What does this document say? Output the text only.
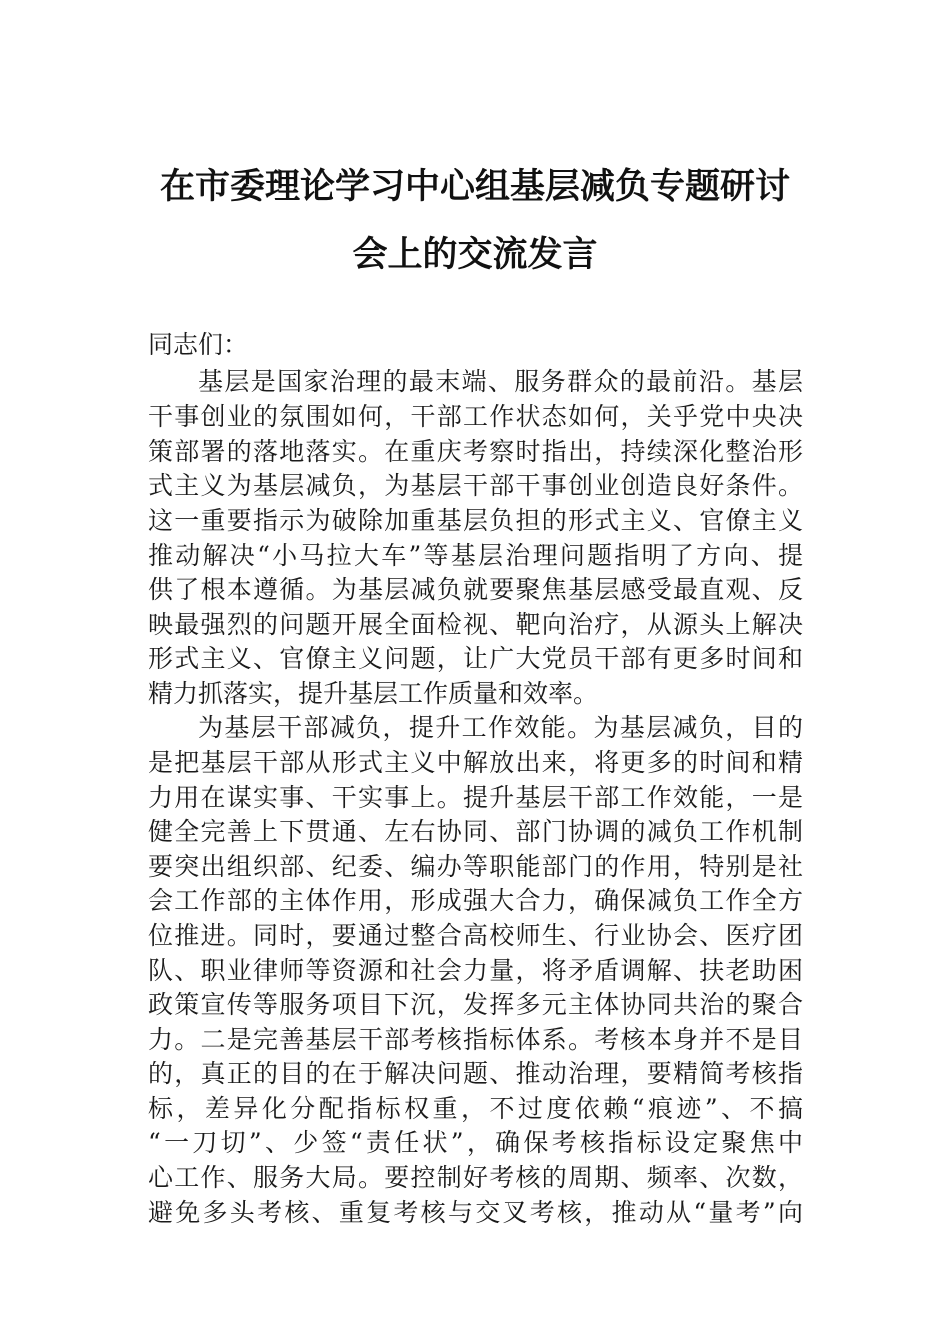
在市委理论学习中心组基层减负专题研讨
会上的交流发言
同志们：
基层是国家治理的最末端、服务群众的最前沿。基层
干事创业的氛围如何，干部工作状态如何，关乎党中央决
策部署的落地落实。在重庆考察时指出，持续深化整治形
式主义为基层减负，为基层干部干事创业创造良好条件。
这一重要指示为破除加重基层负担的形式主义、官僚主义
推动解决“小马拉大车”等基层治理问题指明了方向、提
供了根本遵循。为基层减负就要聚焦基层感受最直观、反
映最强烈的问题开展全面检视、靶向治疗，从源头上解决
形式主义、官僚主义问题，让广大党员干部有更多时间和
精力抓落实，提升基层工作质量和效率。
为基层干部减负，提升工作效能。为基层减负，目的
是把基层干部从形式主义中解放出来，将更多的时间和精
力用在谋实事、干实事上。提升基层干部工作效能，一是
健全完善上下贯通、左右协同、部门协调的减负工作机制
要突出组织部、纪委、编办等职能部门的作用，特别是社
会工作部的主体作用，形成强大合力，确保减负工作全方
位推进。同时，要通过整合高校师生、行业协会、医疗团
队、职业律师等资源和社会力量，将矛盾调解、扶老助困
政策宣传等服务项目下沉，发挥多元主体协同共治的聚合
力。二是完善基层干部考核指标体系。考核本身并不是目
的，真正的目的在于解决问题、推动治理，要精简考核指
标，差异化分配指标权重，不过度依赖“痕迹”、不搞
“一刀切”、少签“责任状”，确保考核指标设定聚焦中
心工作、服务大局。要控制好考核的周期、频率、次数，
避免多头考核、重复考核与交叉考核，推动从“量考”向
